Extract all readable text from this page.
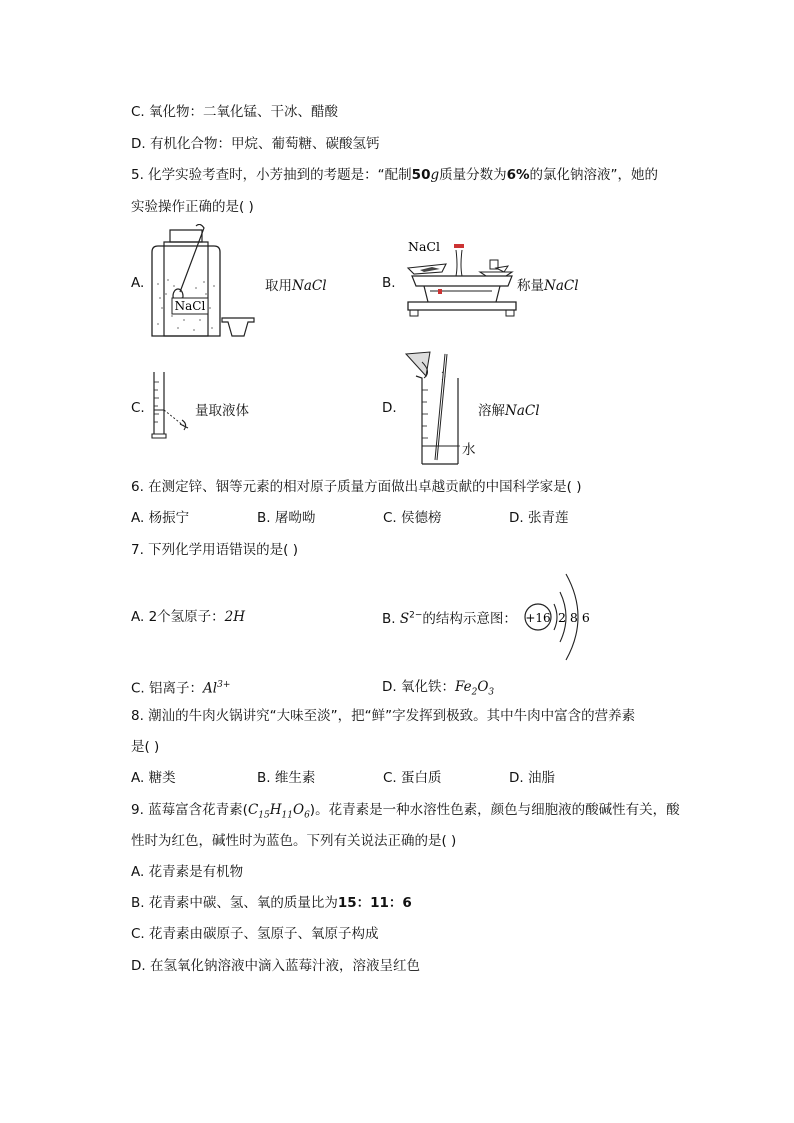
C. 氧化物：二氧化锰、干冰、醋酸
D. 有机化合物：甲烷、葡萄糖、碳酸氢钙
5. 化学实验考查时，小芳抽到的考题是：“配制50g质量分数为6%的氯化钠溶液”，她的
实验操作正确的是( )
A.
NaCl
取用NaCl	B.
NaCl
称量NaCl
C.	量取液体	D.
水
溶解NaCl
6. 在测定锌、铟等元素的相对原子质量方面做出卓越贡献的中国科学家是( )
A. 杨振宁	B. 屠呦呦	C. 侯德榜	D. 张青莲
7. 下列化学用语错误的是( )
A. 2个氢原子：2H	B. $S^{2-}$的结构示意图： +16 2 8 6
C. 铝离子：$Al^{3+}$	D. 氧化铁：$Fe_2O_3$
8. 潮汕的牛肉火锅讲究“大味至淡”，把“鲜”字发挥到极致。其中牛肉中富含的营养素
是( )
A. 糖类	B. 维生素	C. 蛋白质	D. 油脂
9. 蓝莓富含花青素$(C_{15}H_{11}O_6)$。花青素是一种水溶性色素，颜色与细胞液的酸碱性有关，酸
性时为红色，碱性时为蓝色。下列有关说法正确的是( )
A. 花青素是有机物
B. 花青素中碳、氢、氧的质量比为15：11：6
C. 花青素由碳原子、氢原子、氧原子构成
D. 在氢氧化钠溶液中滴入蓝莓汁液，溶液呈红色
